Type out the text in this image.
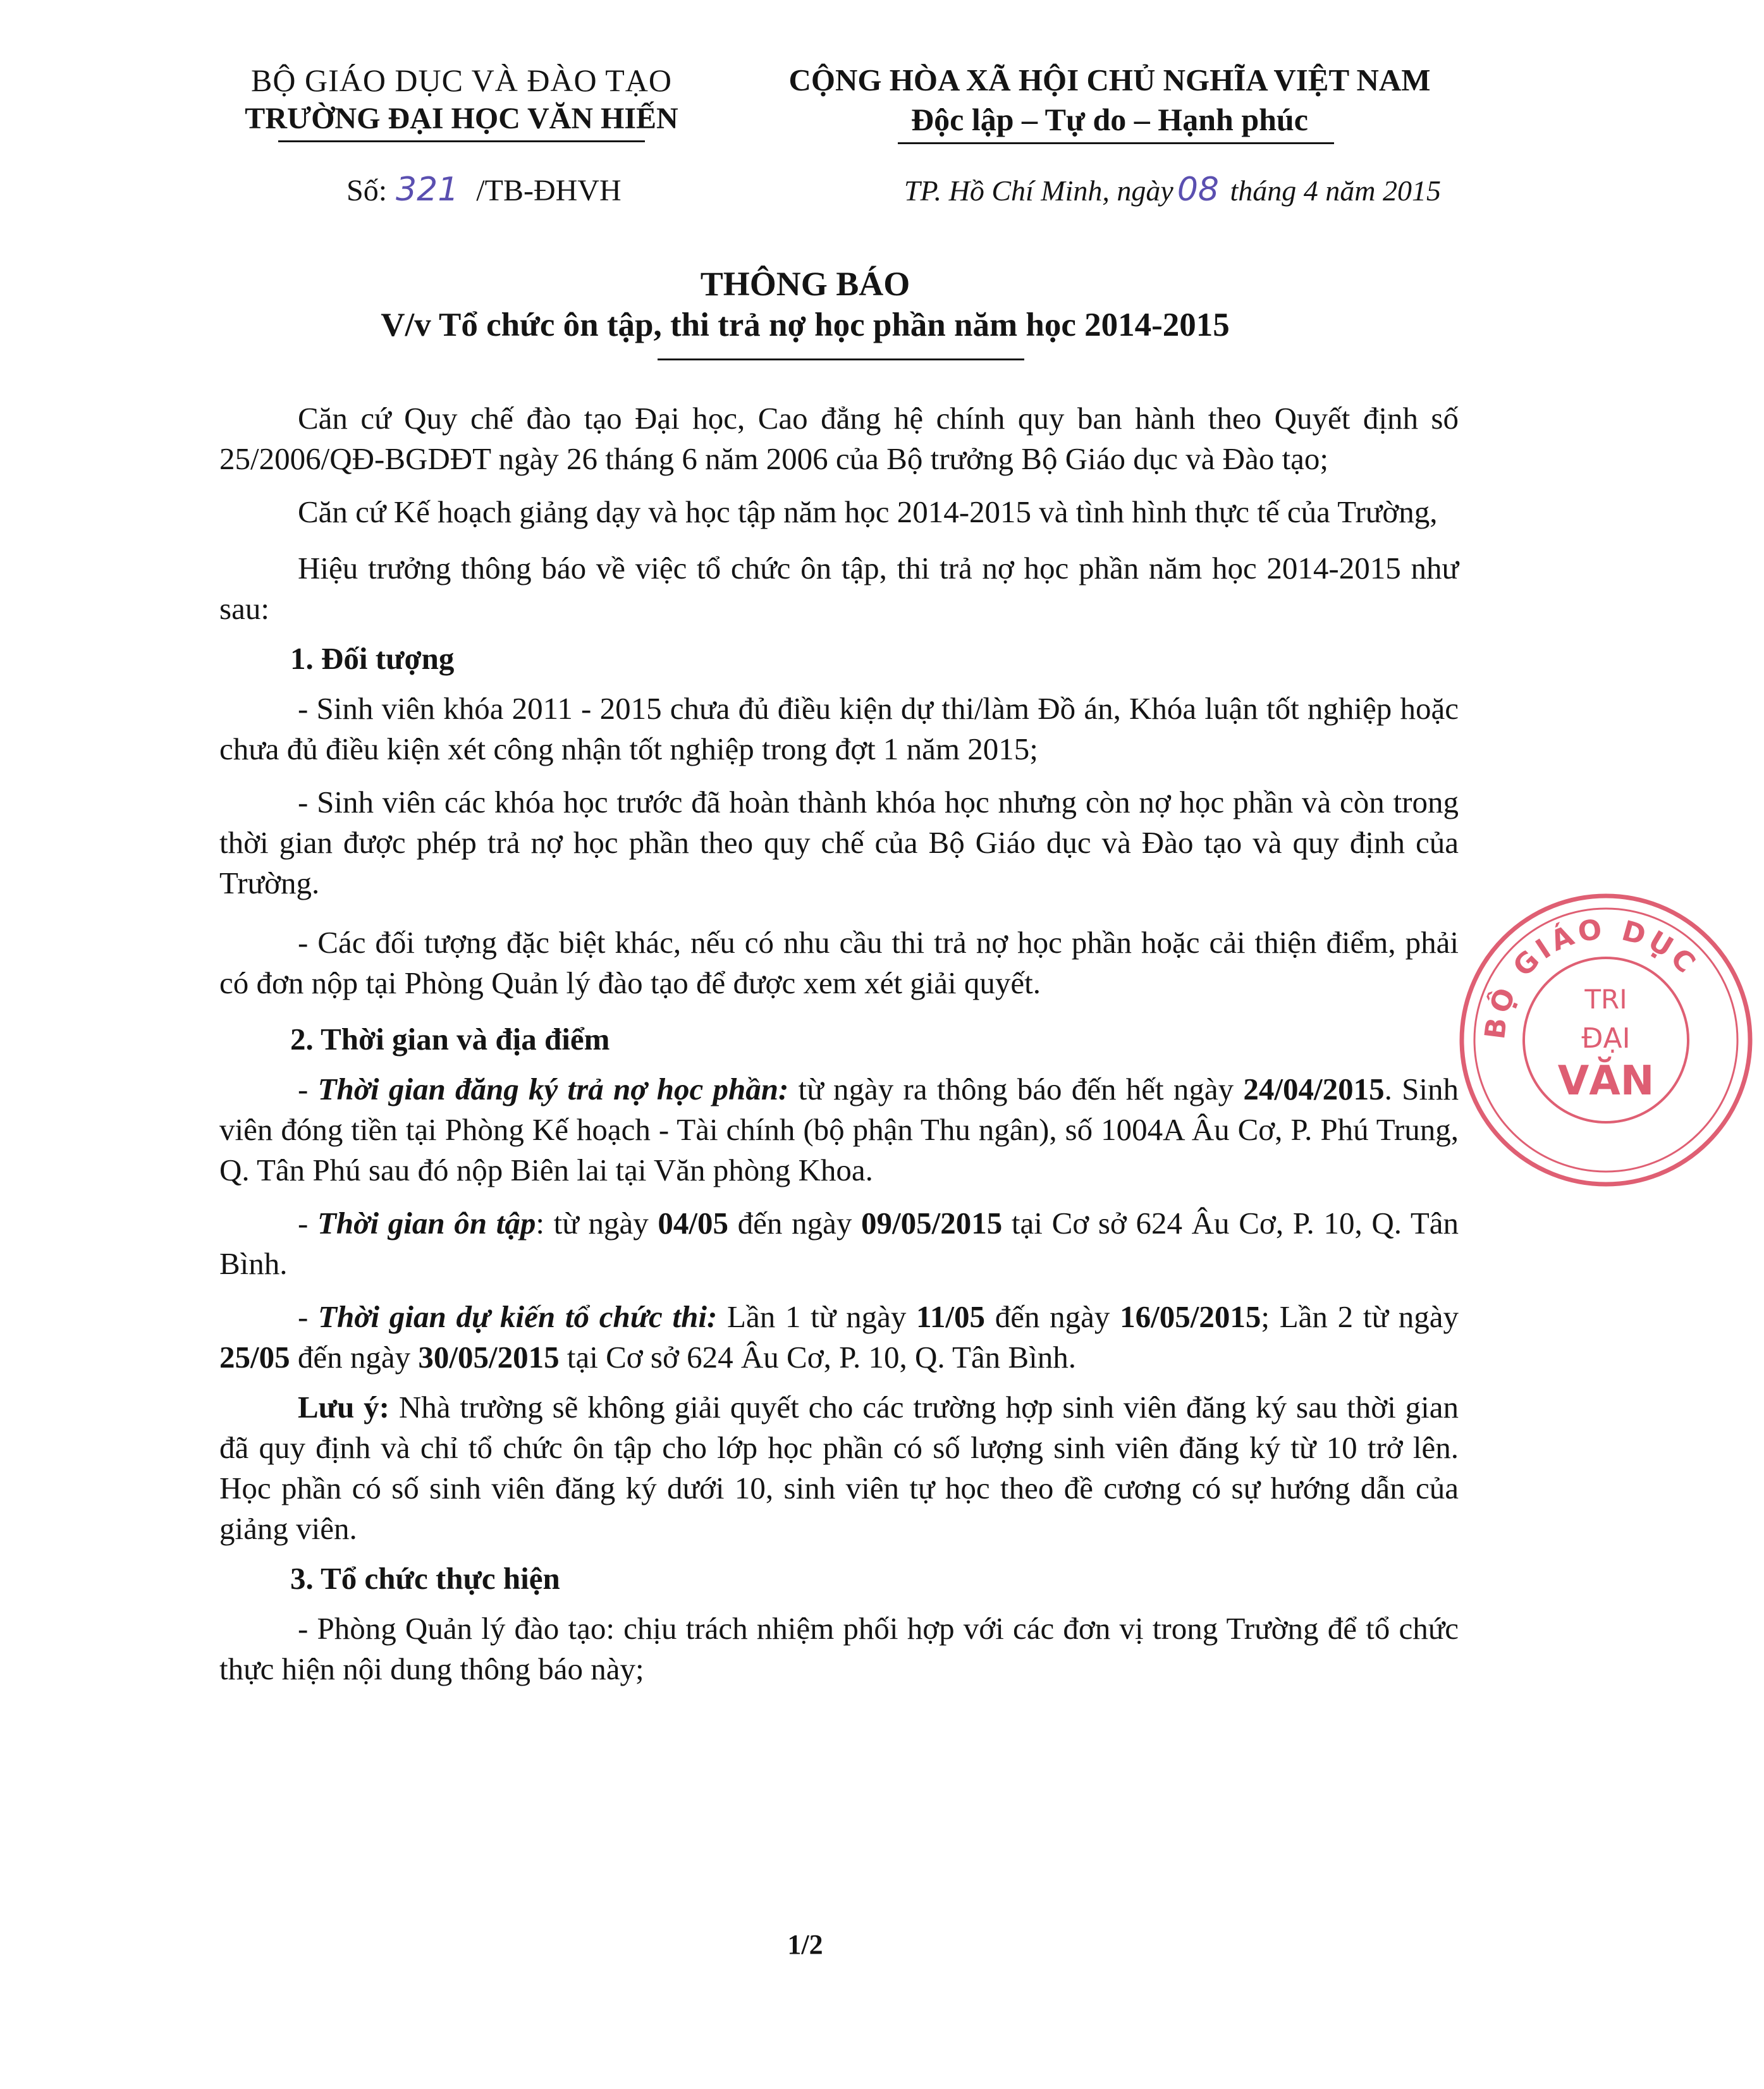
BỘ GIÁO DỤC VÀ ĐÀO TẠO
TRƯỜNG ĐẠI HỌC VĂN HIẾN
CỘNG HÒA XÃ HỘI CHỦ NGHĨA VIỆT NAM
Độc lập – Tự do – Hạnh phúc
Số: 321 /TB-ĐHVH	TP. Hồ Chí Minh, ngày 08 tháng 4 năm 2015
THÔNG BÁO
V/v Tổ chức ôn tập, thi trả nợ học phần năm học 2014-2015

Căn cứ Quy chế đào tạo Đại học, Cao đẳng hệ chính quy ban hành theo Quyết định số 25/2006/QĐ-BGDĐT ngày 26 tháng 6 năm 2006 của Bộ trưởng Bộ Giáo dục và Đào tạo;

Căn cứ Kế hoạch giảng dạy và học tập năm học 2014-2015 và tình hình thực tế của Trường,

Hiệu trưởng thông báo về việc tổ chức ôn tập, thi trả nợ học phần năm học 2014-2015 như sau:

1. Đối tượng

- Sinh viên khóa 2011 - 2015 chưa đủ điều kiện dự thi/làm Đồ án, Khóa luận tốt nghiệp hoặc chưa đủ điều kiện xét công nhận tốt nghiệp trong đợt 1 năm 2015;

- Sinh viên các khóa học trước đã hoàn thành khóa học nhưng còn nợ học phần và còn trong thời gian được phép trả nợ học phần theo quy chế của Bộ Giáo dục và Đào tạo và quy định của Trường.

- Các đối tượng đặc biệt khác, nếu có nhu cầu thi trả nợ học phần hoặc cải thiện điểm, phải có đơn nộp tại Phòng Quản lý đào tạo để được xem xét giải quyết.

2. Thời gian và địa điểm

- Thời gian đăng ký trả nợ học phần: từ ngày ra thông báo đến hết ngày 24/04/2015. Sinh viên đóng tiền tại Phòng Kế hoạch - Tài chính (bộ phận Thu ngân), số 1004A Âu Cơ, P. Phú Trung, Q. Tân Phú sau đó nộp Biên lai tại Văn phòng Khoa.

- Thời gian ôn tập: từ ngày 04/05 đến ngày 09/05/2015 tại Cơ sở 624 Âu Cơ, P. 10, Q. Tân Bình.

- Thời gian dự kiến tổ chức thi: Lần 1 từ ngày 11/05 đến ngày 16/05/2015; Lần 2 từ ngày 25/05 đến ngày 30/05/2015 tại Cơ sở 624 Âu Cơ, P. 10, Q. Tân Bình.

Lưu ý: Nhà trường sẽ không giải quyết cho các trường hợp sinh viên đăng ký sau thời gian đã quy định và chỉ tổ chức ôn tập cho lớp học phần có số lượng sinh viên đăng ký từ 10 trở lên. Học phần có số sinh viên đăng ký dưới 10, sinh viên tự học theo đề cương có sự hướng dẫn của giảng viên.

3. Tổ chức thực hiện

- Phòng Quản lý đào tạo: chịu trách nhiệm phối hợp với các đơn vị trong Trường để tổ chức thực hiện nội dung thông báo này;

1/2
BỘ GIÁO DỤC
TRI
ĐẠI
VĂN
